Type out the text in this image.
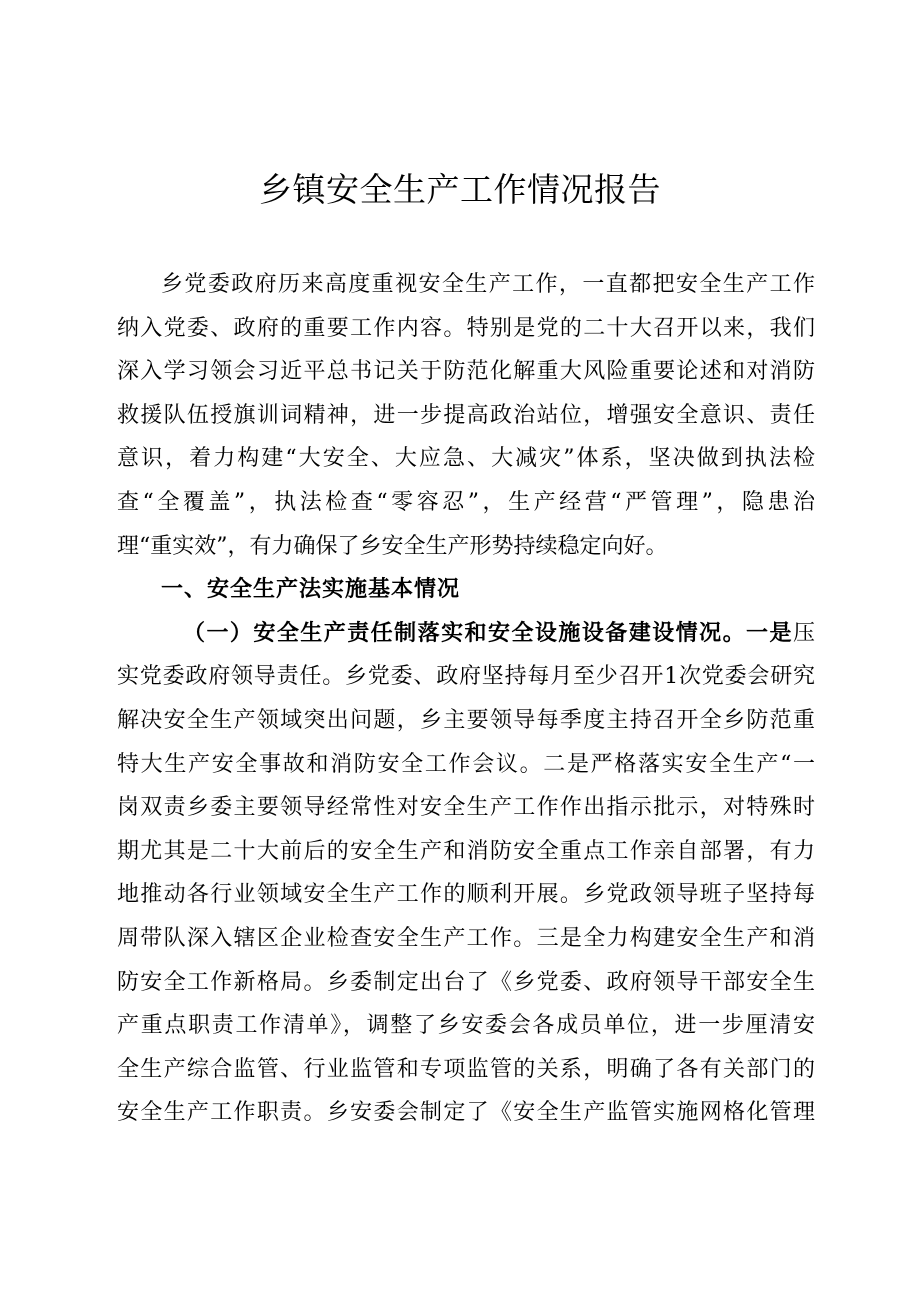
乡镇安全生产工作情况报告
乡党委政府历来高度重视安全生产工作，一直都把安全生产工作
纳入党委、政府的重要工作内容。特别是党的二十大召开以来，我们
深入学习领会习近平总书记关于防范化解重大风险重要论述和对消防
救援队伍授旗训词精神，进一步提高政治站位，增强安全意识、责任
意识，着力构建“大安全、大应急、大减灾”体系，坚决做到执法检
查“全覆盖”，执法检查“零容忍”，生产经营“严管理”，隐患治
理“重实效”，有力确保了乡安全生产形势持续稳定向好。
一、安全生产法实施基本情况
（一）安全生产责任制落实和安全设施设备建设情况。一是压
实党委政府领导责任。乡党委、政府坚持每月至少召开1次党委会研究
解决安全生产领域突出问题，乡主要领导每季度主持召开全乡防范重
特大生产安全事故和消防安全工作会议。二是严格落实安全生产“一
岗双责乡委主要领导经常性对安全生产工作作出指示批示，对特殊时
期尤其是二十大前后的安全生产和消防安全重点工作亲自部署，有力
地推动各行业领域安全生产工作的顺利开展。乡党政领导班子坚持每
周带队深入辖区企业检查安全生产工作。三是全力构建安全生产和消
防安全工作新格局。乡委制定出台了《乡党委、政府领导干部安全生
产重点职责工作清单》，调整了乡安委会各成员单位，进一步厘清安
全生产综合监管、行业监管和专项监管的关系，明确了各有关部门的
安全生产工作职责。乡安委会制定了《安全生产监管实施网格化管理
